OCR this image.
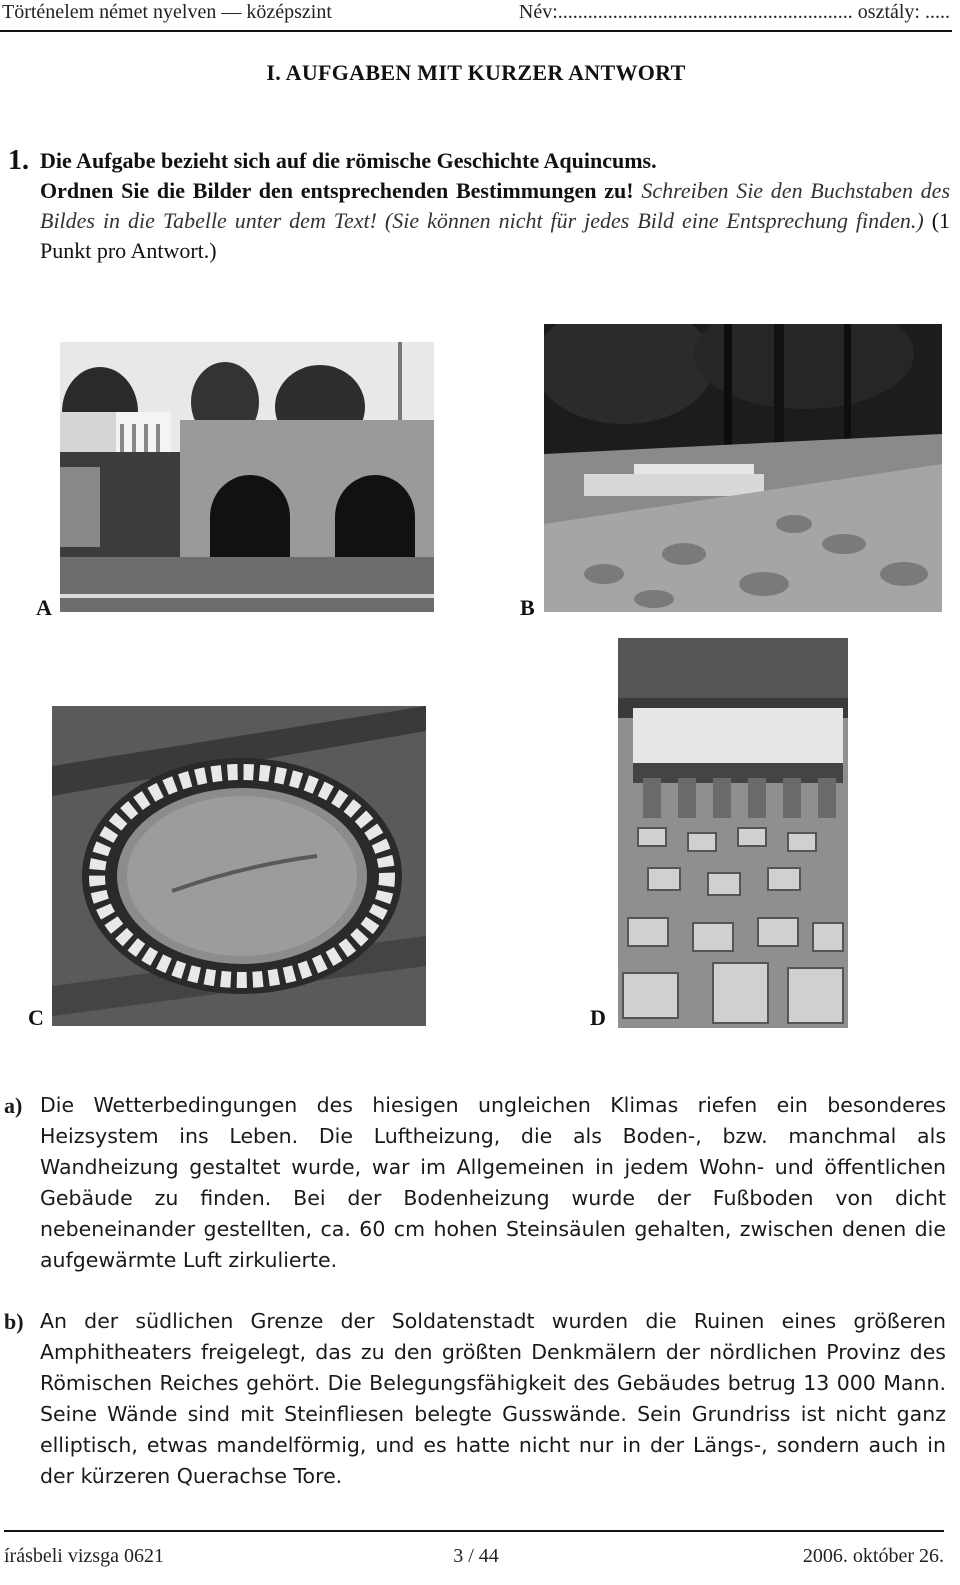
Történelem német nyelven — középszint	Név:........................................................... osztály: .....
I. AUFGABEN MIT KURZER ANTWORT
1. Die Aufgabe bezieht sich auf die römische Geschichte Aquincums.
Ordnen Sie die Bilder den entsprechenden Bestimmungen zu! Schreiben Sie den Buchstaben des Bildes in die Tabelle unter dem Text! (Sie können nicht für jedes Bild eine Entsprechung finden.) (1 Punkt pro Antwort.)
A	B
C	D
a) Die Wetterbedingungen des hiesigen ungleichen Klimas riefen ein besonderes Heizsystem ins Leben. Die Luftheizung, die als Boden-, bzw. manchmal als Wandheizung gestaltet wurde, war im Allgemeinen in jedem Wohn- und öffentlichen Gebäude zu finden. Bei der Bodenheizung wurde der Fußboden von dicht nebeneinander gestellten, ca. 60 cm hohen Steinsäulen gehalten, zwischen denen die aufgewärmte Luft zirkulierte.
b) An der südlichen Grenze der Soldatenstadt wurden die Ruinen eines größeren Amphitheaters freigelegt, das zu den größten Denkmälern der nördlichen Provinz des Römischen Reiches gehört. Die Belegungsfähigkeit des Gebäudes betrug 13 000 Mann. Seine Wände sind mit Steinfliesen belegte Gusswände. Sein Grundriss ist nicht ganz elliptisch, etwas mandelförmig, und es hatte nicht nur in der Längs-, sondern auch in der kürzeren Querachse Tore.
írásbeli vizsga 0621	3 / 44	2006. október 26.
